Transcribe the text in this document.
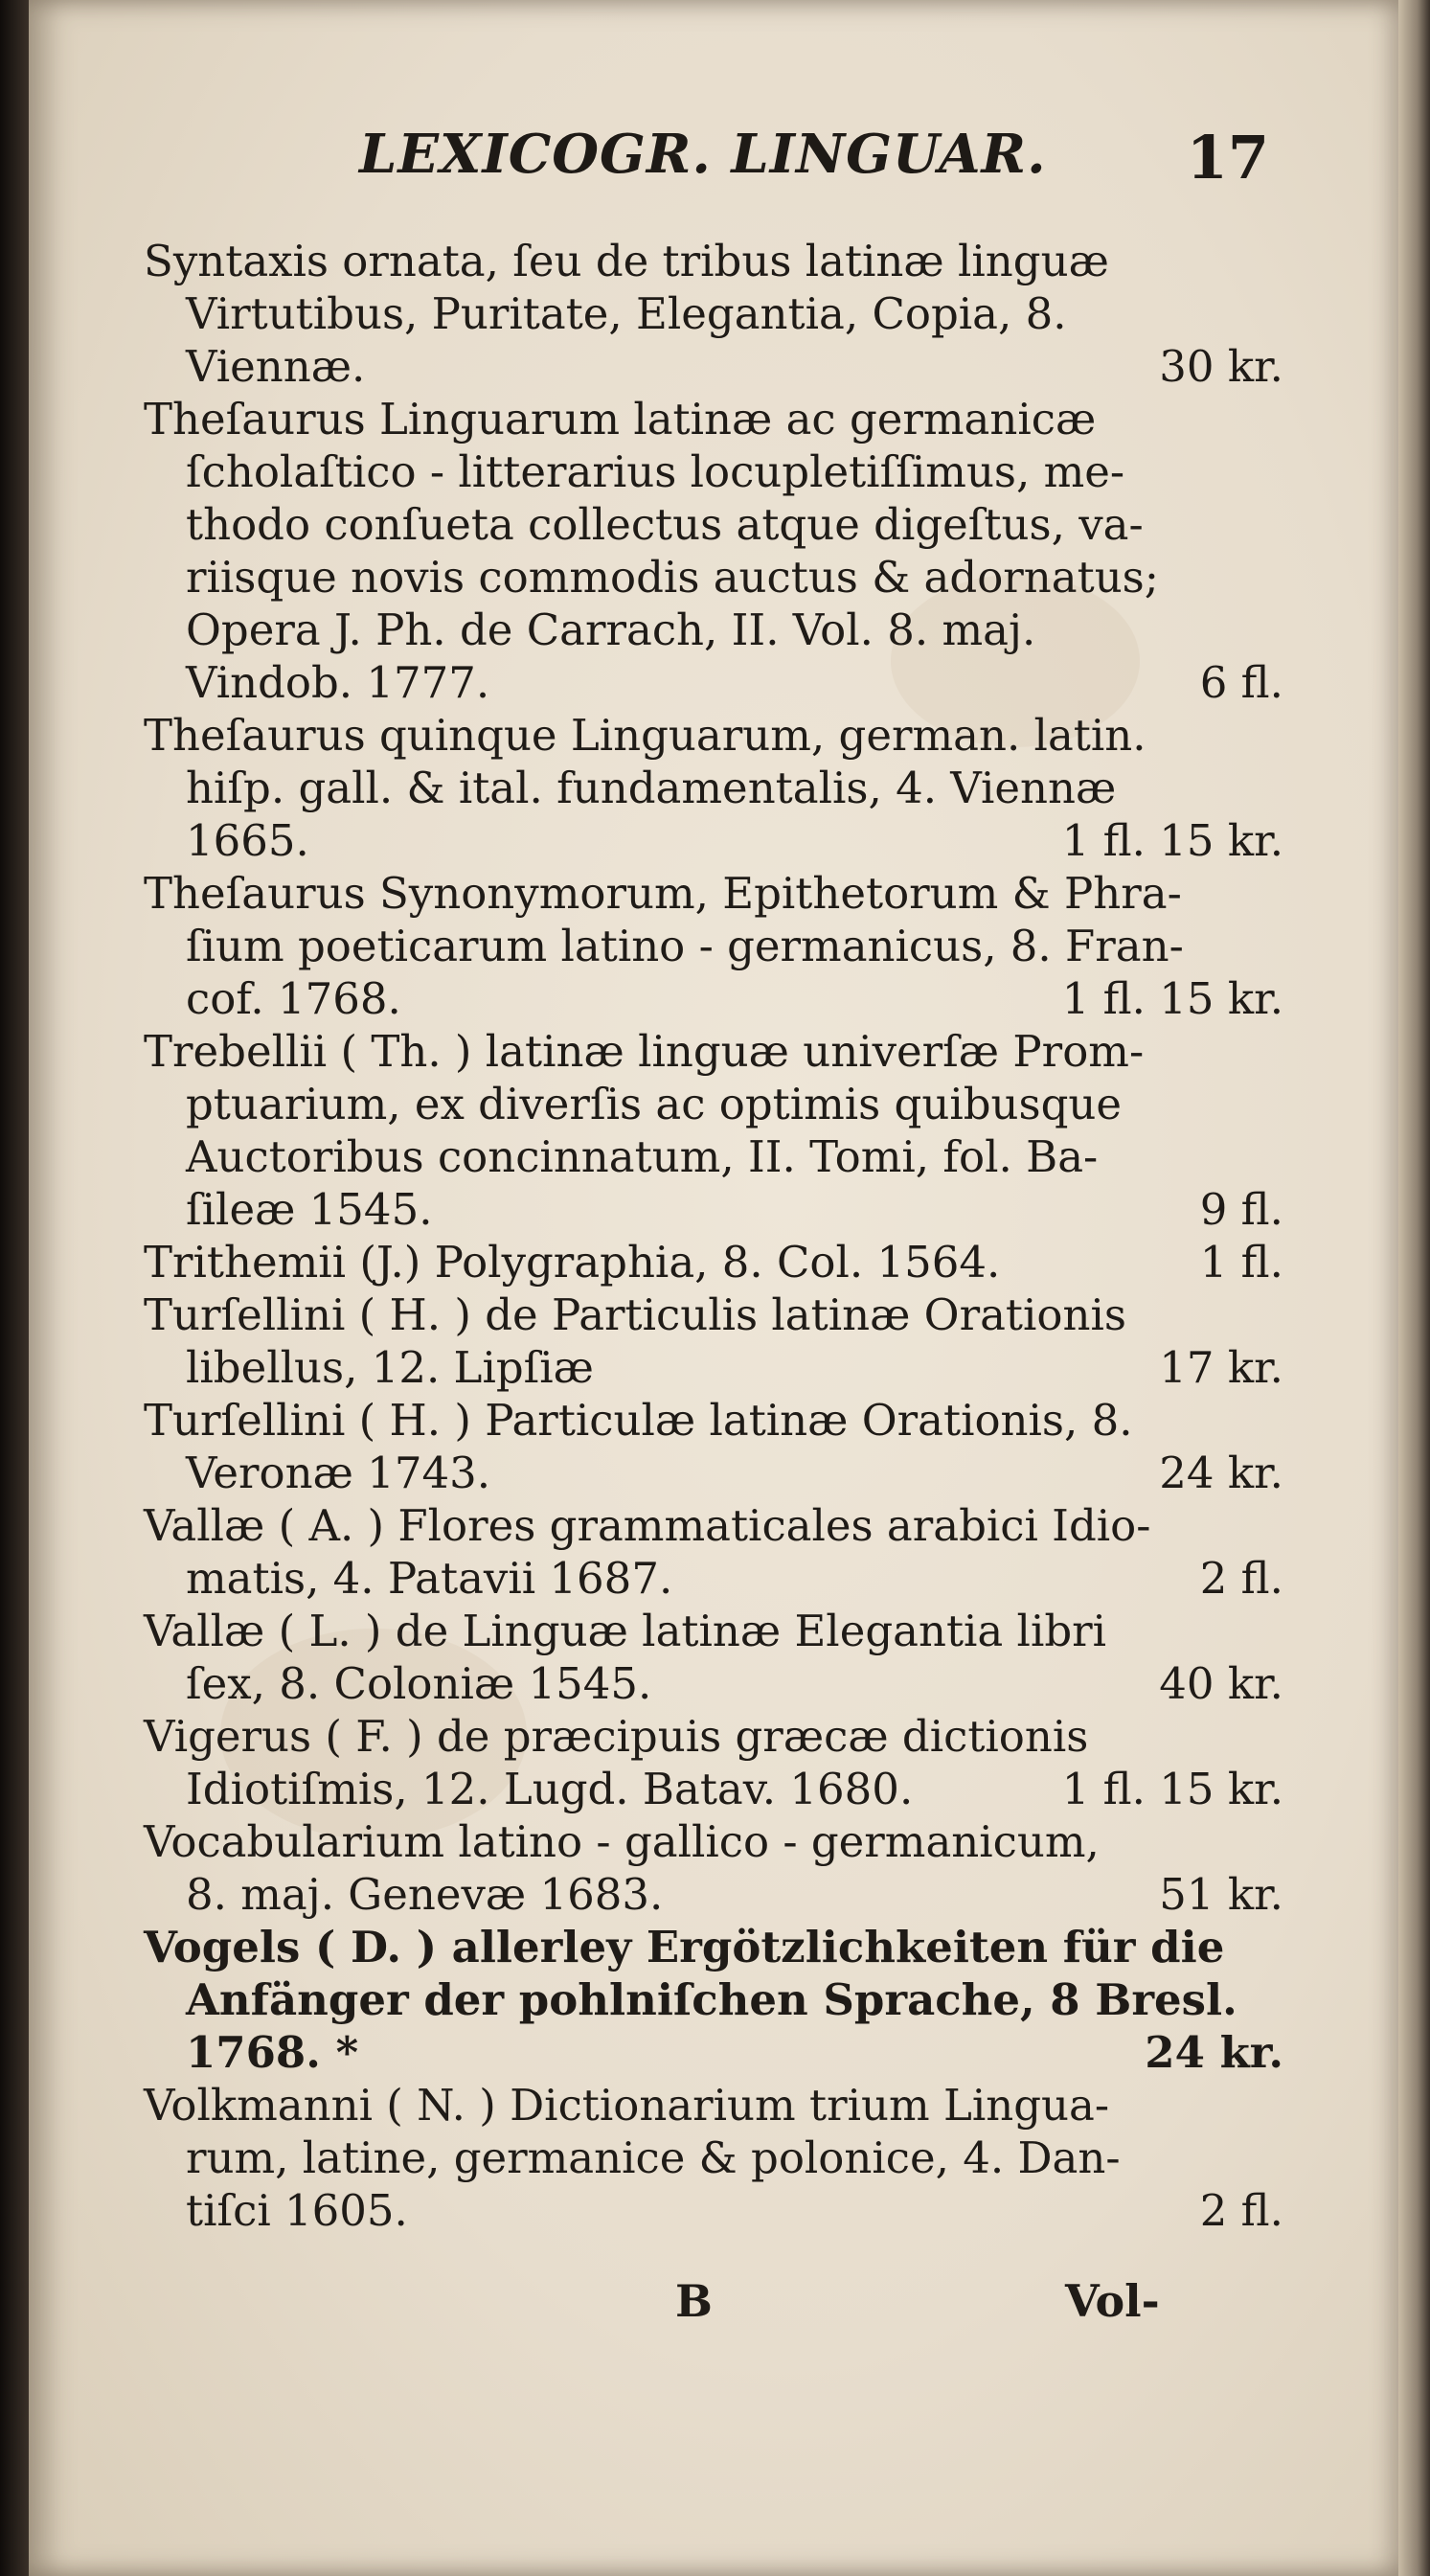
LEXICOGR. LINGUAR. 17
Syntaxis ornata, ſeu de tribus latinæ linguæ
Virtutibus, Puritate, Elegantia, Copia, 8.
Viennæ.	30 kr.
Theſaurus Linguarum latinæ ac germanicæ
ſcholaſtico - litterarius locupletiſſimus, me-
thodo conſueta collectus atque digeſtus, va-
riisque novis commodis auctus & adornatus;
Opera J. Ph. de Carrach, II. Vol. 8. maj.
Vindob. 1777.	6 fl.
Theſaurus quinque Linguarum, german. latin.
hiſp. gall. & ital. fundamentalis, 4. Viennæ
1665.	1 fl. 15 kr.
Theſaurus Synonymorum, Epithetorum & Phra-
ſium poeticarum latino - germanicus, 8. Fran-
cof. 1768.	1 fl. 15 kr.
Trebellii ( Th. ) latinæ linguæ univerſæ Prom-
ptuarium, ex diverſis ac optimis quibusque
Auctoribus concinnatum, II. Tomi, fol. Ba-
ſileæ 1545.	9 fl.
Trithemii (J.) Polygraphia, 8. Col. 1564.	1 fl.
Turſellini ( H. ) de Particulis latinæ Orationis
libellus, 12. Lipſiæ	17 kr.
Turſellini ( H. ) Particulæ latinæ Orationis, 8.
Veronæ 1743.	24 kr.
Vallæ ( A. ) Flores grammaticales arabici Idio-
matis, 4. Patavii 1687.	2 fl.
Vallæ ( L. ) de Linguæ latinæ Elegantia libri
ſex, 8. Coloniæ 1545.	40 kr.
Vigerus ( F. ) de præcipuis græcæ dictionis
Idiotiſmis, 12. Lugd. Batav. 1680.	1 fl. 15 kr.
Vocabularium latino - gallico - germanicum,
8. maj. Genevæ 1683.	51 kr.
Vogels ( D. ) allerley Ergötzlichkeiten für die
Anfänger der pohlniſchen Sprache, 8 Bresl.
1768. *	24 kr.
Volkmanni ( N. ) Dictionarium trium Lingua-
rum, latine, germanice & polonice, 4. Dan-
tiſci 1605.	2 fl.
B	Vol-
